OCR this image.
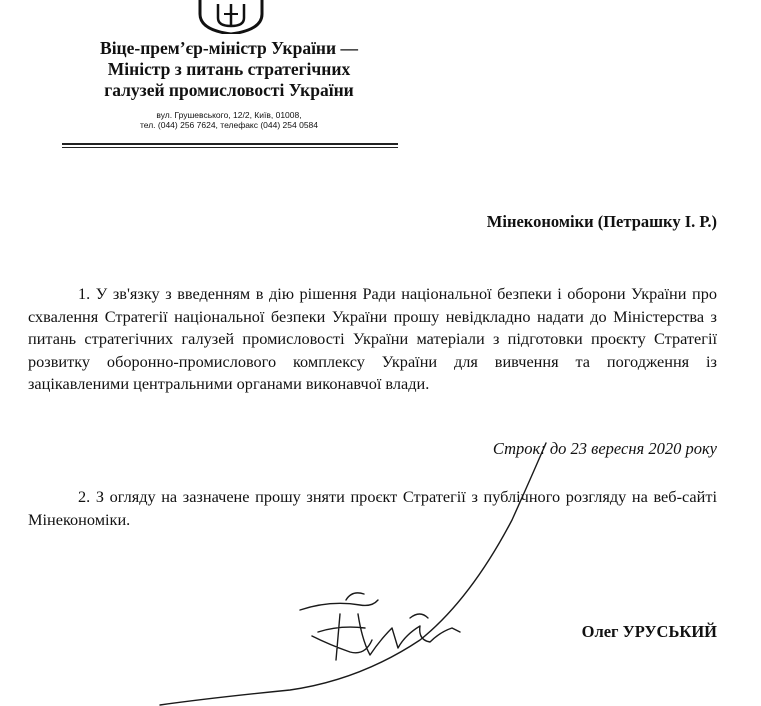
Віце-прем’єр-міністр України —
Міністр з питань стратегічних
галузей промисловості України
вул. Грушевського, 12/2, Київ, 01008,
тел. (044) 256 7624, телефакс (044) 254 0584
Мінекономіки (Петрашку І. Р.)
1. У зв'язку з введенням в дію рішення Ради національної безпеки і оборони України про схвалення Стратегії національної безпеки України прошу невідкладно надати до Міністерства з питань стратегічних галузей промисловості України матеріали з підготовки проєкту Стратегії розвитку оборонно-промислового комплексу України для вивчення та погодження із зацікавленими центральними органами виконавчої влади.
Строк: до 23 вересня 2020 року
2. З огляду на зазначене прошу зняти проєкт Стратегії з публічного розгляду на веб-сайті Мінекономіки.
Олег УРУСЬКИЙ
